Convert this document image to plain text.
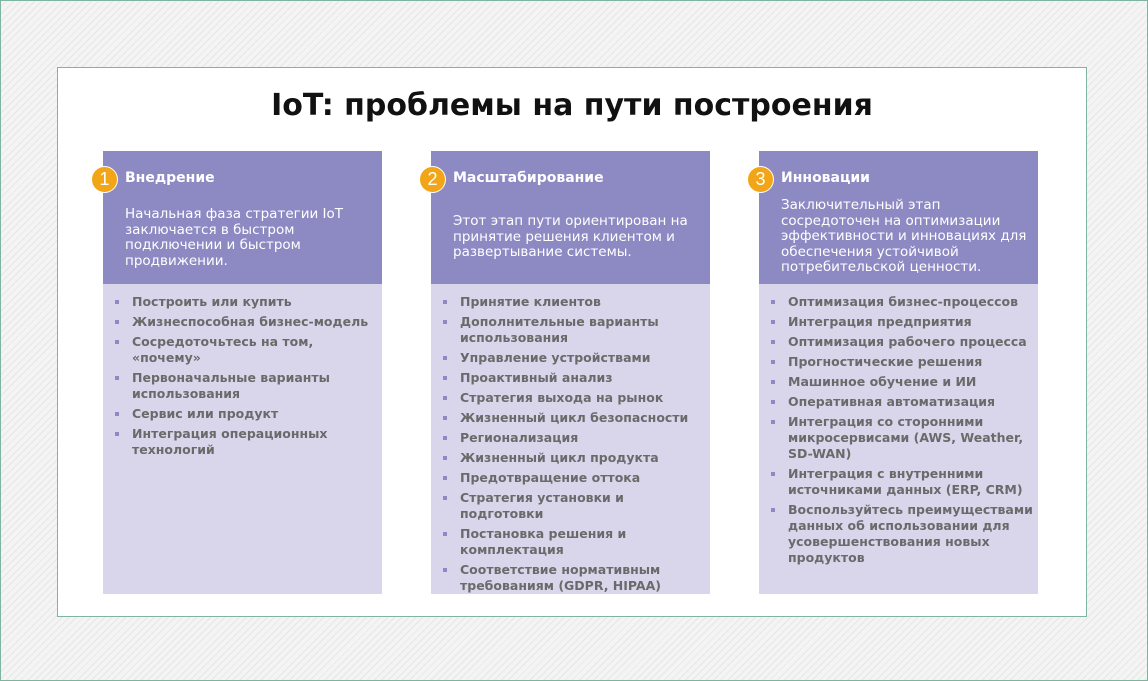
IoT: проблемы на пути построения
1	Внедрение
Начальная фаза стратегии IoT заключается в быстром подключении и быстром продвижении.
Построить или купить
Жизнеспособная бизнес-модель
Сосредоточьтесь на том, «почему»
Первоначальные варианты использования
Сервис или продукт
Интеграция операционных технологий
2	Масштабирование
Этот этап пути ориентирован на принятие решения клиентом и развертывание системы.
Принятие клиентов
Дополнительные варианты использования
Управление устройствами
Проактивный анализ
Стратегия выхода на рынок
Жизненный цикл безопасности
Регионализация
Жизненный цикл продукта
Предотвращение оттока
Стратегия установки и подготовки
Постановка решения и комплектация
Соответствие нормативным требованиям (GDPR, HIPAA)
3	Инновации
Заключительный этап сосредоточен на оптимизации эффективности и инновациях для обеспечения устойчивой потребительской ценности.
Оптимизация бизнес-процессов
Интеграция предприятия
Оптимизация рабочего процесса
Прогностические решения
Машинное обучение и ИИ
Оперативная автоматизация
Интеграция со сторонними микросервисами (AWS, Weather, SD-WAN)
Интеграция с внутренними источниками данных (ERP, CRM)
Воспользуйтесь преимуществами данных об использовании для усовершенствования новых продуктов
